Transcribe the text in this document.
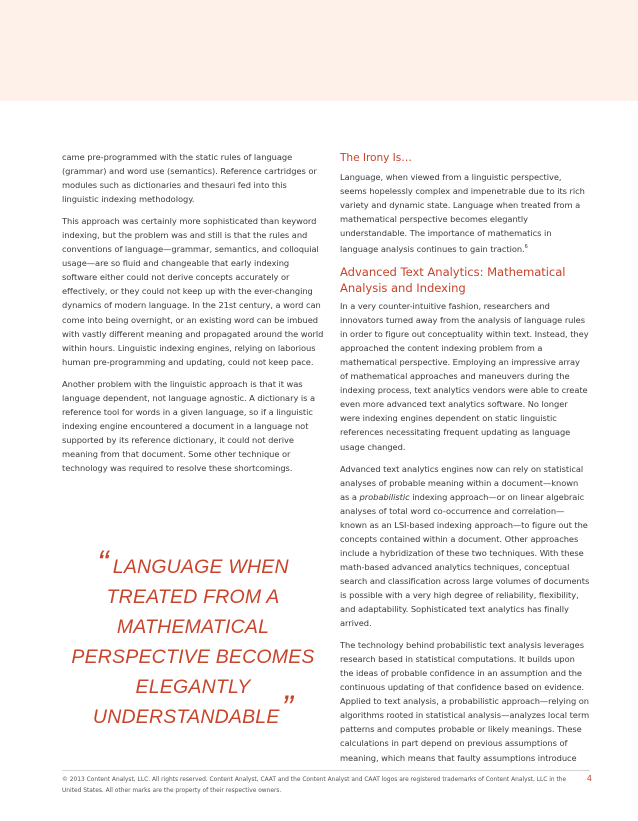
came pre-programmed with the static rules of language (grammar) and word use (semantics). Reference cartridges or modules such as dictionaries and thesauri fed into this linguistic indexing methodology.

This approach was certainly more sophisticated than keyword indexing, but the problem was and still is that the rules and conventions of language—grammar, semantics, and colloquial usage—are so fluid and changeable that early indexing software either could not derive concepts accurately or effectively, or they could not keep up with the ever-changing dynamics of modern language. In the 21st century, a word can come into being overnight, or an existing word can be imbued with vastly different meaning and propagated around the world within hours. Linguistic indexing engines, relying on laborious human pre-programming and updating, could not keep pace.

Another problem with the linguistic approach is that it was language dependent, not language agnostic. A dictionary is a reference tool for words in a given language, so if a linguistic indexing engine encountered a document in a language not supported by its reference dictionary, it could not derive meaning from that document. Some other technique or technology was required to resolve these shortcomings.

“ LANGUAGE WHEN TREATED FROM A MATHEMATICAL PERSPECTIVE BECOMES ELEGANTLY UNDERSTANDABLE”
The Irony Is…

Language, when viewed from a linguistic perspective, seems hopelessly complex and impenetrable due to its rich variety and dynamic state. Language when treated from a mathematical perspective becomes elegantly understandable. The importance of mathematics in language analysis continues to gain traction.$^6$

Advanced Text Analytics: Mathematical Analysis and Indexing

In a very counter-intuitive fashion, researchers and innovators turned away from the analysis of language rules in order to figure out conceptuality within text. Instead, they approached the content indexing problem from a mathematical perspective. Employing an impressive array of mathematical approaches and maneuvers during the indexing process, text analytics vendors were able to create even more advanced text analytics software. No longer were indexing engines dependent on static linguistic references necessitating frequent updating as language usage changed.

Advanced text analytics engines now can rely on statistical analyses of probable meaning within a document—known as a probabilistic indexing approach—or on linear algebraic analyses of total word co-occurrence and correlation—known as an LSI-based indexing approach—to figure out the concepts contained within a document. Other approaches include a hybridization of these two techniques. With these math-based advanced analytics techniques, conceptual search and classification across large volumes of documents is possible with a very high degree of reliability, flexibility, and adaptability. Sophisticated text analytics has finally arrived.

The technology behind probabilistic text analysis leverages research based in statistical computations. It builds upon the ideas of probable confidence in an assumption and the continuous updating of that confidence based on evidence. Applied to text analysis, a probabilistic approach—relying on algorithms rooted in statistical analysis—analyzes local term patterns and computes probable or likely meanings. These calculations in part depend on previous assumptions of meaning, which means that faulty assumptions introduce

© 2013 Content Analyst, LLC. All rights reserved. Content Analyst, CAAT and the Content Analyst and CAAT logos are registered trademarks of Content Analyst, LLC in the United States. All other marks are the property of their respective owners.
4
